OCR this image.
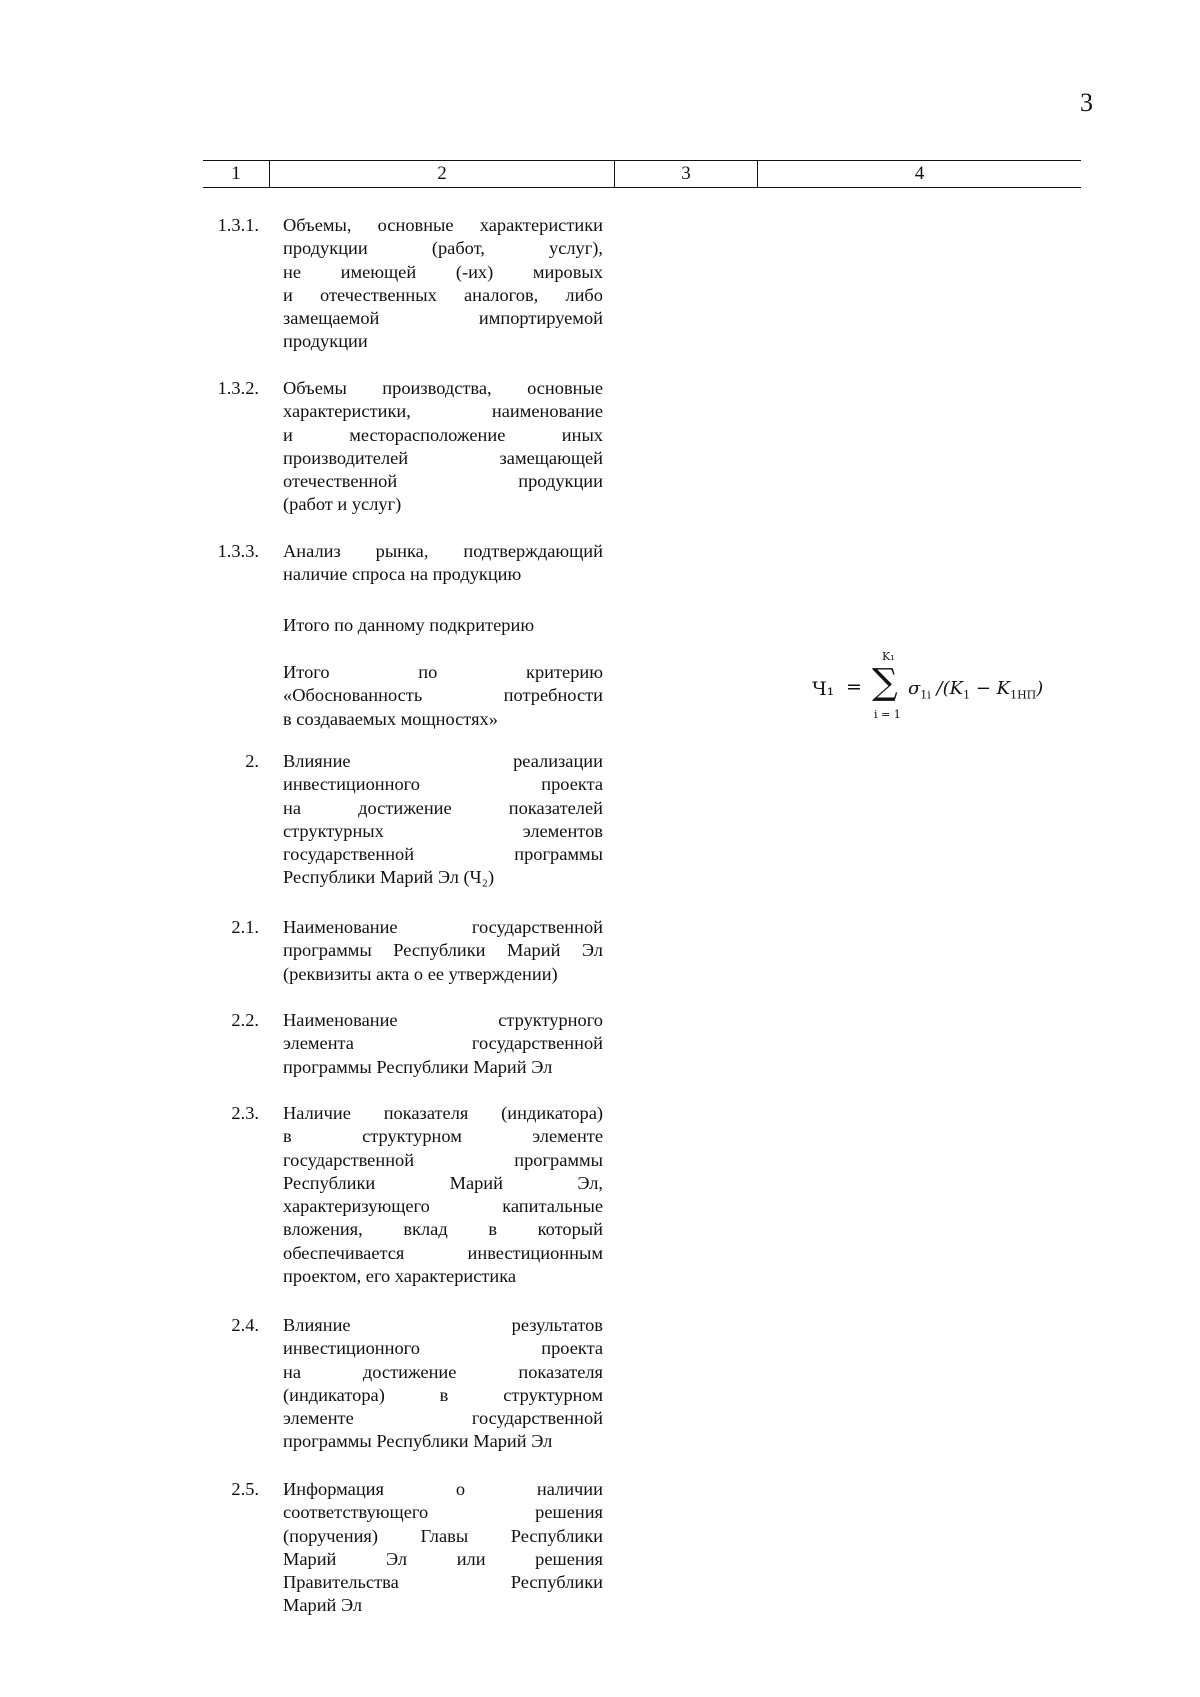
3
1	2	3	4
1.3.1. Объемы, основные характеристики
продукции (работ, услуг),
не имеющей (-их) мировых
и отечественных аналогов, либо
замещаемой импортируемой
продукции
1.3.2. Объемы производства, основные
характеристики, наименование
и месторасположение иных
производителей замещающей
отечественной продукции
(работ и услуг)
1.3.3. Анализ рынка, подтверждающий
наличие спроса на продукцию
Итого по данному подкритерию
Итого по критерию
«Обоснованность потребности
в создаваемых мощностях»
2. Влияние реализации
инвестиционного проекта
на достижение показателей
структурных элементов
государственной программы
Республики Марий Эл (Ч₂)
2.1. Наименование государственной
программы Республики Марий Эл
(реквизиты акта о ее утверждении)
2.2. Наименование структурного
элемента государственной
программы Республики Марий Эл
2.3. Наличие показателя (индикатора)
в структурном элементе
государственной программы
Республики Марий Эл,
характеризующего капитальные
вложения, вклад в который
обеспечивается инвестиционным
проектом, его характеристика
2.4. Влияние результатов
инвестиционного проекта
на достижение показателя
(индикатора) в структурном
элементе государственной
программы Республики Марий Эл
2.5. Информация о наличии
соответствующего решения
(поручения) Главы Республики
Марий Эл или решения
Правительства Республики
Марий Эл
Ч₁ =
K₁
∑
i = 1
$\sigma_{1i}$ $/(K_1 - K_{1НП})$
